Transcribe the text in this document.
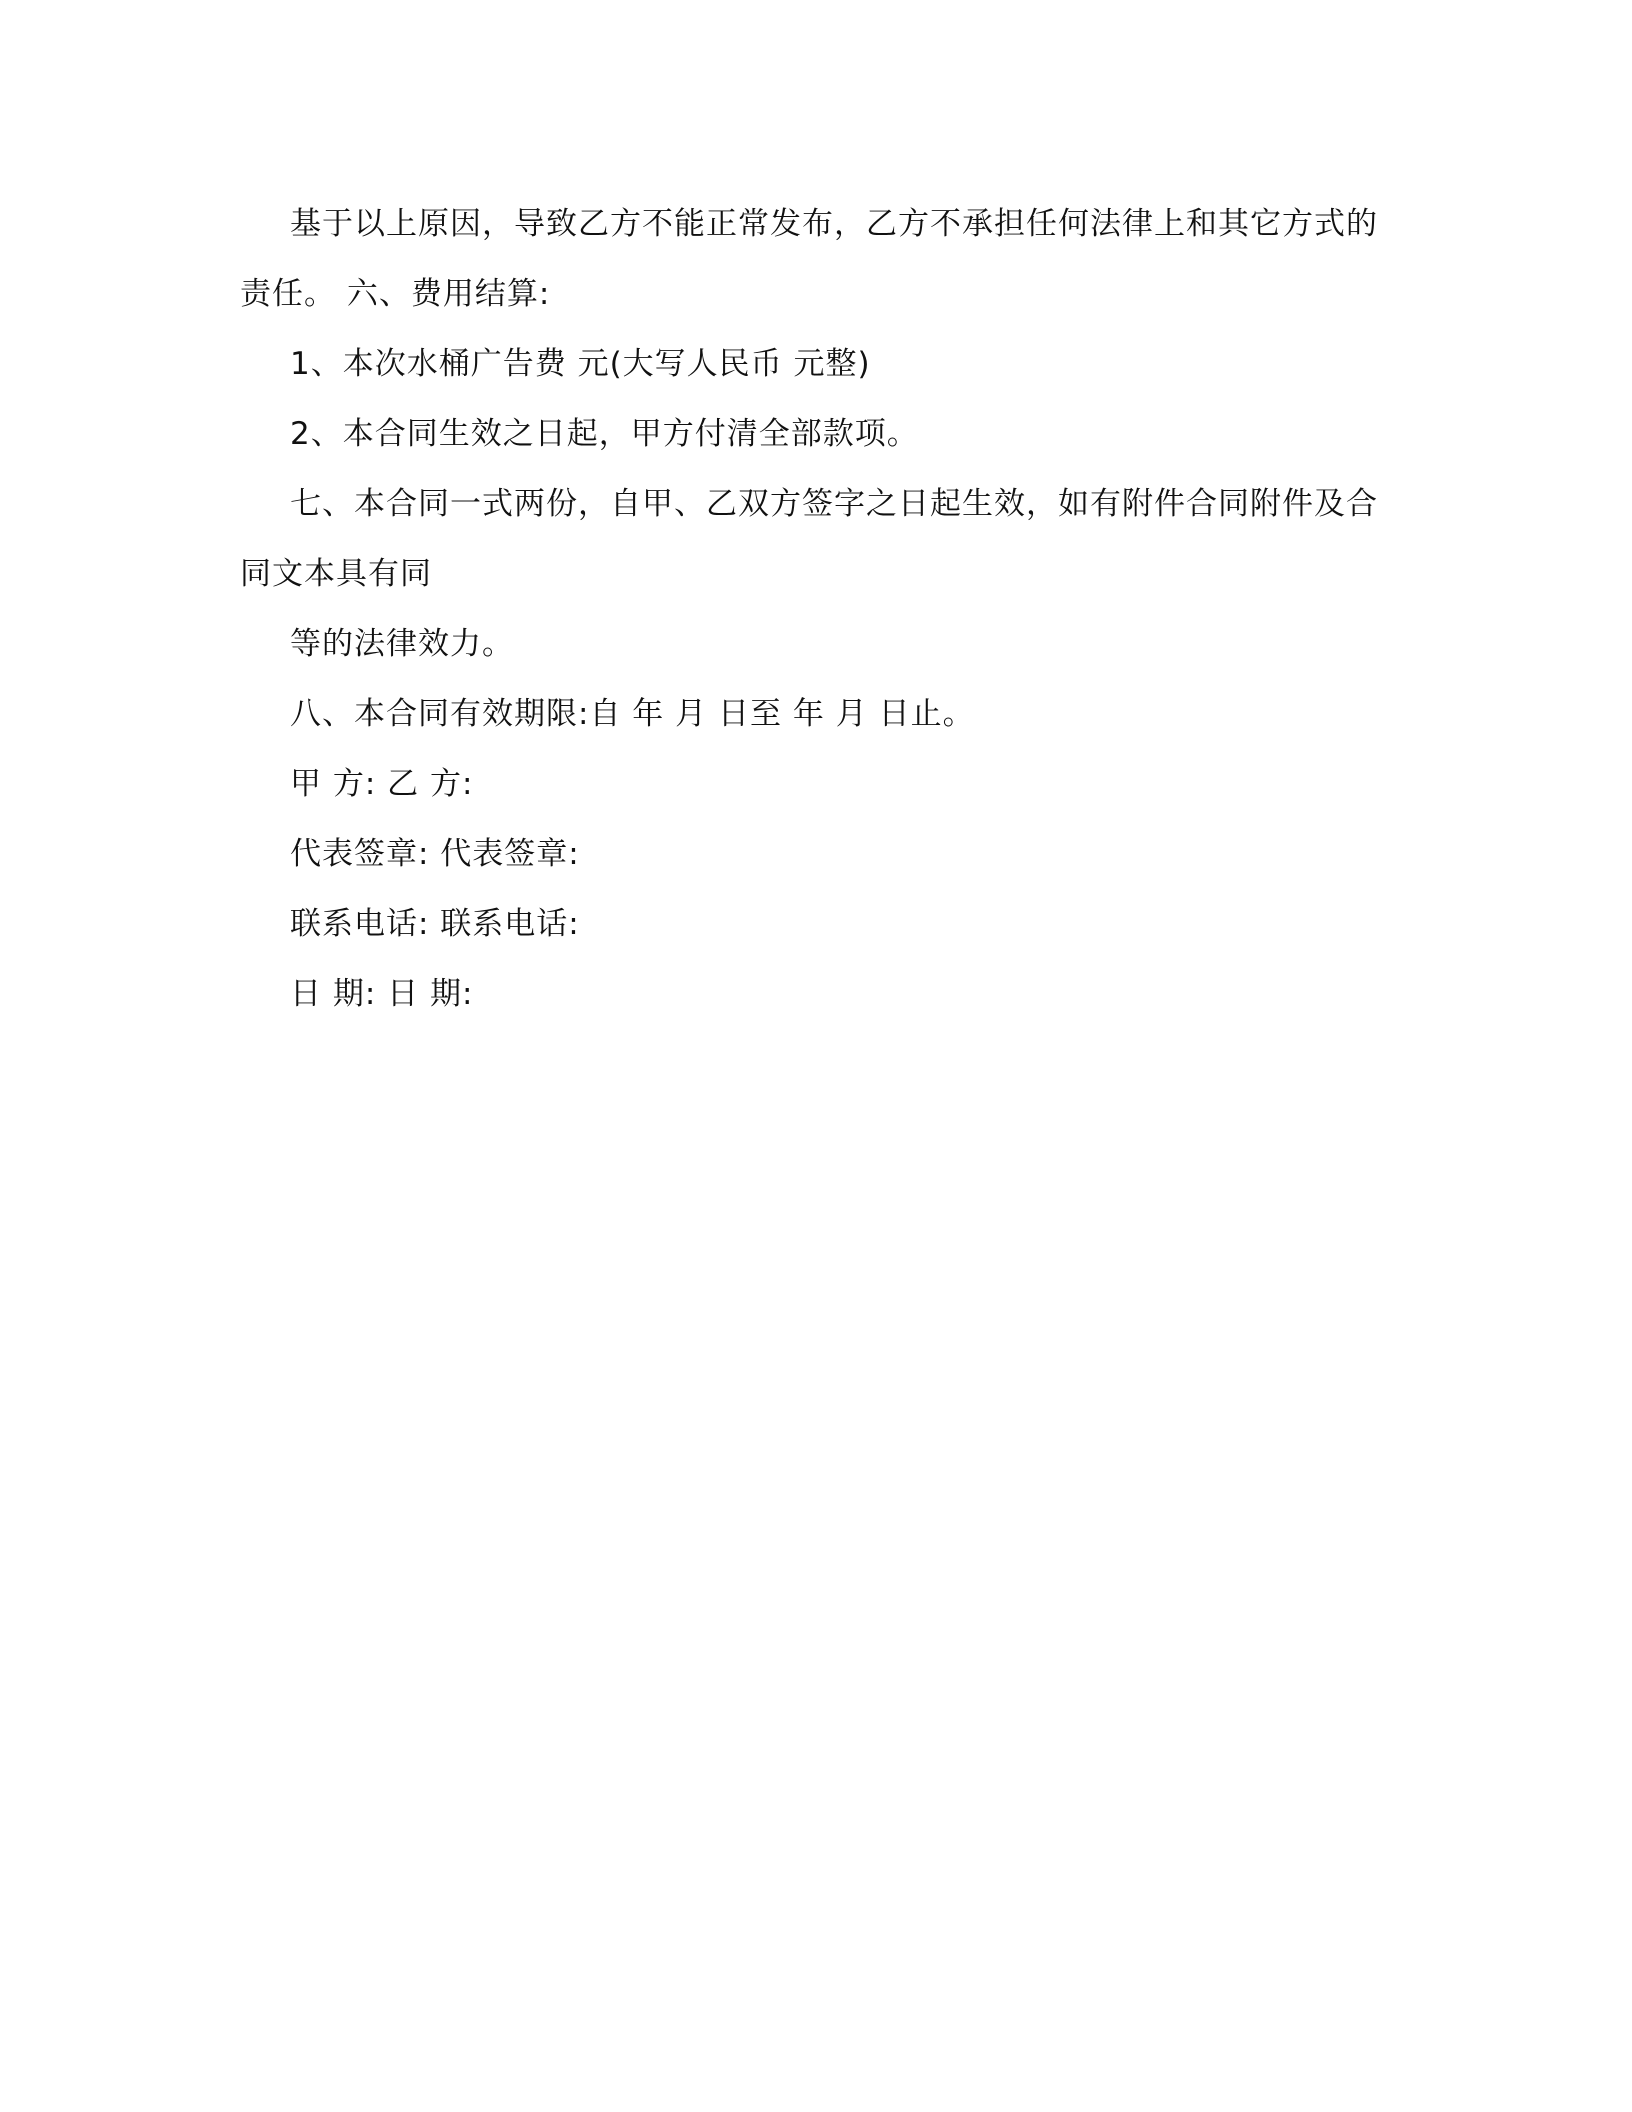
基于以上原因，导致乙方不能正常发布，乙方不承担任何法律上和其它方式的
责任。 六、费用结算:
1、本次水桶广告费 元(大写人民币 元整)
2、本合同生效之日起，甲方付清全部款项。
七、本合同一式两份，自甲、乙双方签字之日起生效，如有附件合同附件及合
同文本具有同
等的法律效力。
八、本合同有效期限:自 年 月 日至 年 月 日止。
甲 方: 乙 方:
代表签章: 代表签章:
联系电话: 联系电话:
日 期: 日 期:
